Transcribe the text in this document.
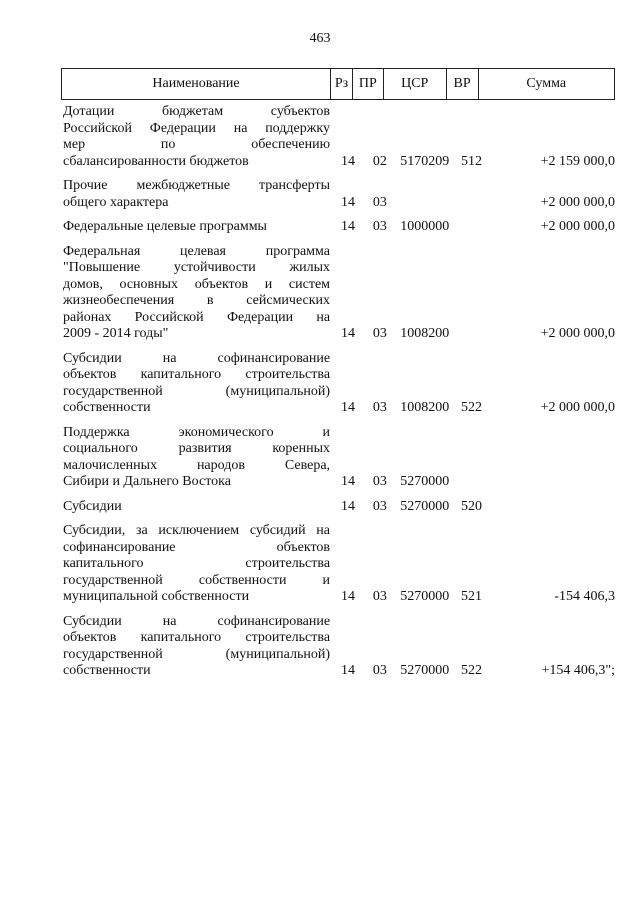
463
Наименование	Рз ПР	ЦСР	ВР	Сумма
Дотации бюджетам субъектов
Российской Федерации на поддержку
мер по обеспечению
сбалансированности бюджетов	14	02 5170209 512	+2 159 000,0
Прочие межбюджетные трансферты
общего характера	14	03	+2 000 000,0
Федеральные целевые программы	14	03 1000000	+2 000 000,0
Федеральная целевая программа
"Повышение устойчивости жилых
домов, основных объектов и систем
жизнеобеспечения в сейсмических
районах Российской Федерации на
2009 - 2014 годы"	14	03 1008200	+2 000 000,0
Субсидии на софинансирование
объектов капитального строительства
государственной (муниципальной)
собственности	14	03 1008200 522	+2 000 000,0
Поддержка экономического и
социального развития коренных
малочисленных народов Севера,
Сибири и Дальнего Востока	14	03 5270000
Субсидии	14	03 5270000 520
Субсидии, за исключением субсидий на
софинансирование объектов
капитального строительства
государственной собственности и
муниципальной собственности	14	03 5270000 521	-154 406,3
Субсидии на софинансирование
объектов капитального строительства
государственной (муниципальной)
собственности	14	03 5270000 522	+154 406,3";
